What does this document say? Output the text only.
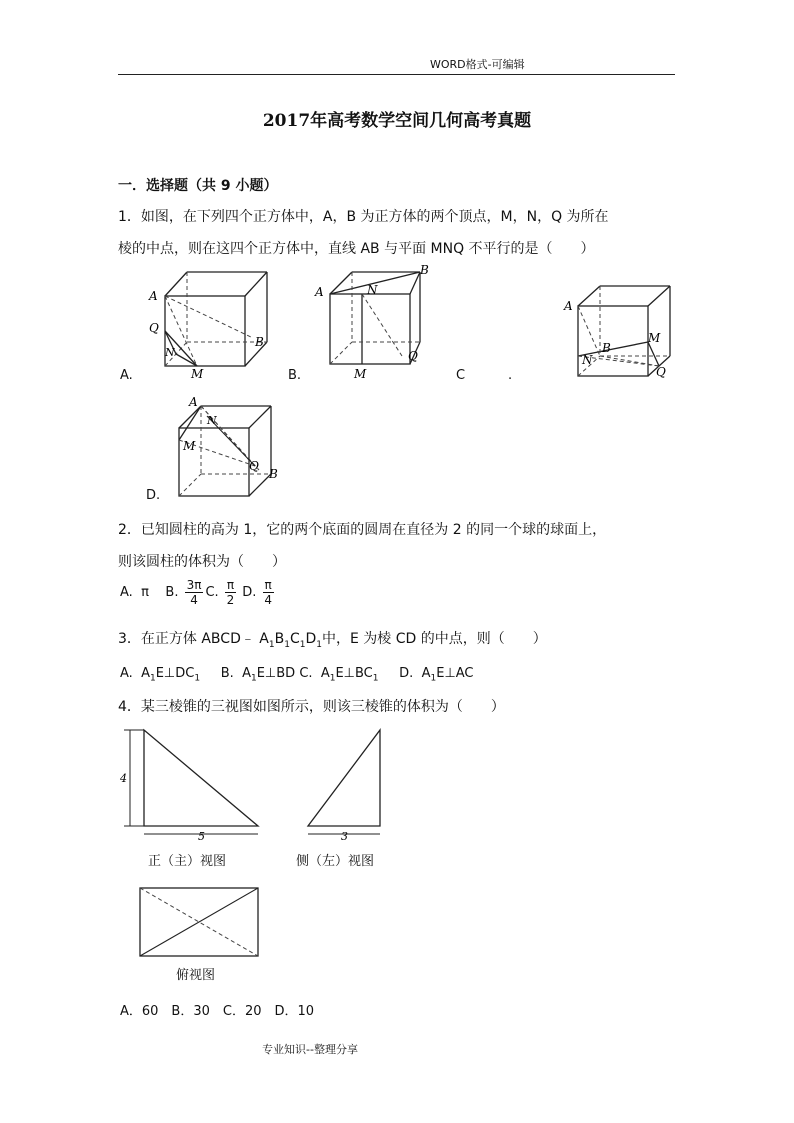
WORD格式-可编辑
2017年高考数学空间几何高考真题
一．选择题（共 9 小题）
1．如图，在下列四个正方体中，A，B 为正方体的两个顶点，M，N，Q 为所在
棱的中点，则在这四个正方体中，直线 AB 与平面 MNQ 不平行的是（　　）
A
B
Q
N
M
A.
A
B
N
Q
M
B.
A
B
N
M
Q
C	.
A
N
M
Q
B
D.
2．已知圆柱的高为 1，它的两个底面的圆周在直径为 2 的同一个球的球面上，
则该圆柱的体积为（　　）
A. π B. $\frac{3\pi}{4} C$. $\frac{\pi}{2} D$. $\frac{\pi}{4}$
3．在正方体 ABCD﹣ $A_1B_1C_1D_1$中，E 为棱 CD 的中点，则（　　）
A. $A_1E\perp DC_1$ B. $A_1E\perp BD$ C. $A_1E\perp BC_1$ D. $A_1E\perp AC$
4．某三棱锥的三视图如图所示，则该三棱锥的体积为（　　）
4
5	3
正（主）视图	侧（左）视图
俯视图
A．60　B．30　C．20　D．10
专业知识--整理分享
